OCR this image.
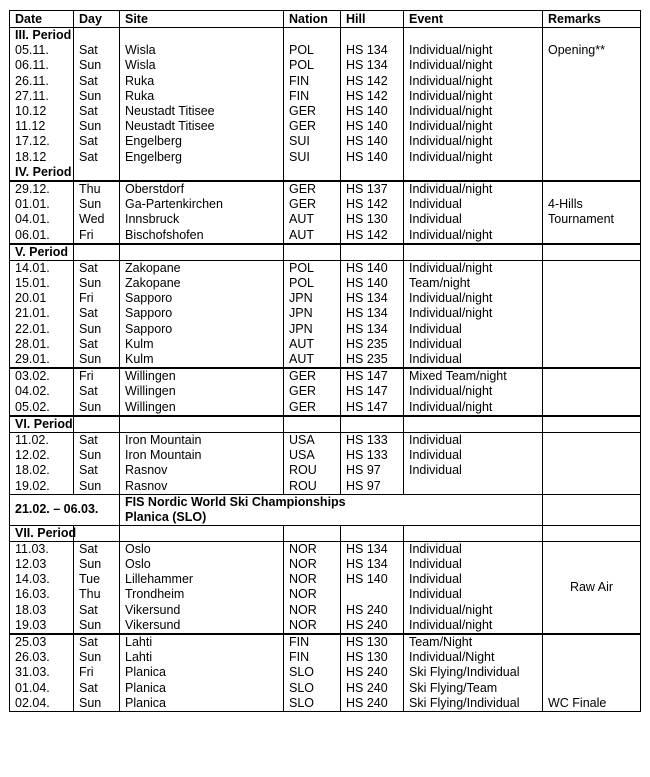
Date	Day	Site	Nation	Hill	Event	Remarks
III. Period						
05.11.	Sat	Wisla	POL	HS 134	Individual/night	Opening**
06.11.	Sun	Wisla	POL	HS 134	Individual/night	
26.11.	Sat	Ruka	FIN	HS 142	Individual/night	
27.11.	Sun	Ruka	FIN	HS 142	Individual/night	
10.12	Sat	Neustadt Titisee	GER	HS 140	Individual/night	
11.12	Sun	Neustadt Titisee	GER	HS 140	Individual/night	
17.12.	Sat	Engelberg	SUI	HS 140	Individual/night	
18.12	Sat	Engelberg	SUI	HS 140	Individual/night	
IV. Period						
29.12.	Thu	Oberstdorf	GER	HS 137	Individual/night	
01.01.	Sun	Ga-Partenkirchen	GER	HS 142	Individual	4-Hills
04.01.	Wed	Innsbruck	AUT	HS 130	Individual	Tournament
06.01.	Fri	Bischofshofen	AUT	HS 142	Individual/night	
V. Period						
14.01.	Sat	Zakopane	POL	HS 140	Individual/night	
15.01.	Sun	Zakopane	POL	HS 140	Team/night	
20.01	Fri	Sapporo	JPN	HS 134	Individual/night	
21.01.	Sat	Sapporo	JPN	HS 134	Individual/night	
22.01.	Sun	Sapporo	JPN	HS 134	Individual	
28.01.	Sat	Kulm	AUT	HS 235	Individual	
29.01.	Sun	Kulm	AUT	HS 235	Individual	
03.02.	Fri	Willingen	GER	HS 147	Mixed Team/night	
04.02.	Sat	Willingen	GER	HS 147	Individual/night	
05.02.	Sun	Willingen	GER	HS 147	Individual/night	
VI. Period						
11.02.	Sat	Iron Mountain	USA	HS 133	Individual	
12.02.	Sun	Iron Mountain	USA	HS 133	Individual	
18.02.	Sat	Rasnov	ROU	HS 97	Individual	
19.02.	Sun	Rasnov	ROU	HS 97		
21.02. – 06.03.		FIS Nordic World Ski Championships
Planica (SLO)				

VII. Period						
11.03.	Sat	Oslo	NOR	HS 134	Individual	
12.03	Sun	Oslo	NOR	HS 134	Individual	
14.03.	Tue	Lillehammer	NOR	HS 140	Individual	Raw Air
16.03.	Thu	Trondheim	NOR		Individual	
18.03	Sat	Vikersund	NOR	HS 240	Individual/night	
19.03	Sun	Vikersund	NOR	HS 240	Individual/night	
25.03	Sat	Lahti	FIN	HS 130	Team/Night	
26.03.	Sun	Lahti	FIN	HS 130	Individual/Night	
31.03.	Fri	Planica	SLO	HS 240	Ski Flying/Individual	
01.04.	Sat	Planica	SLO	HS 240	Ski Flying/Team	
02.04.	Sun	Planica	SLO	HS 240	Ski Flying/Individual	WC Finale
